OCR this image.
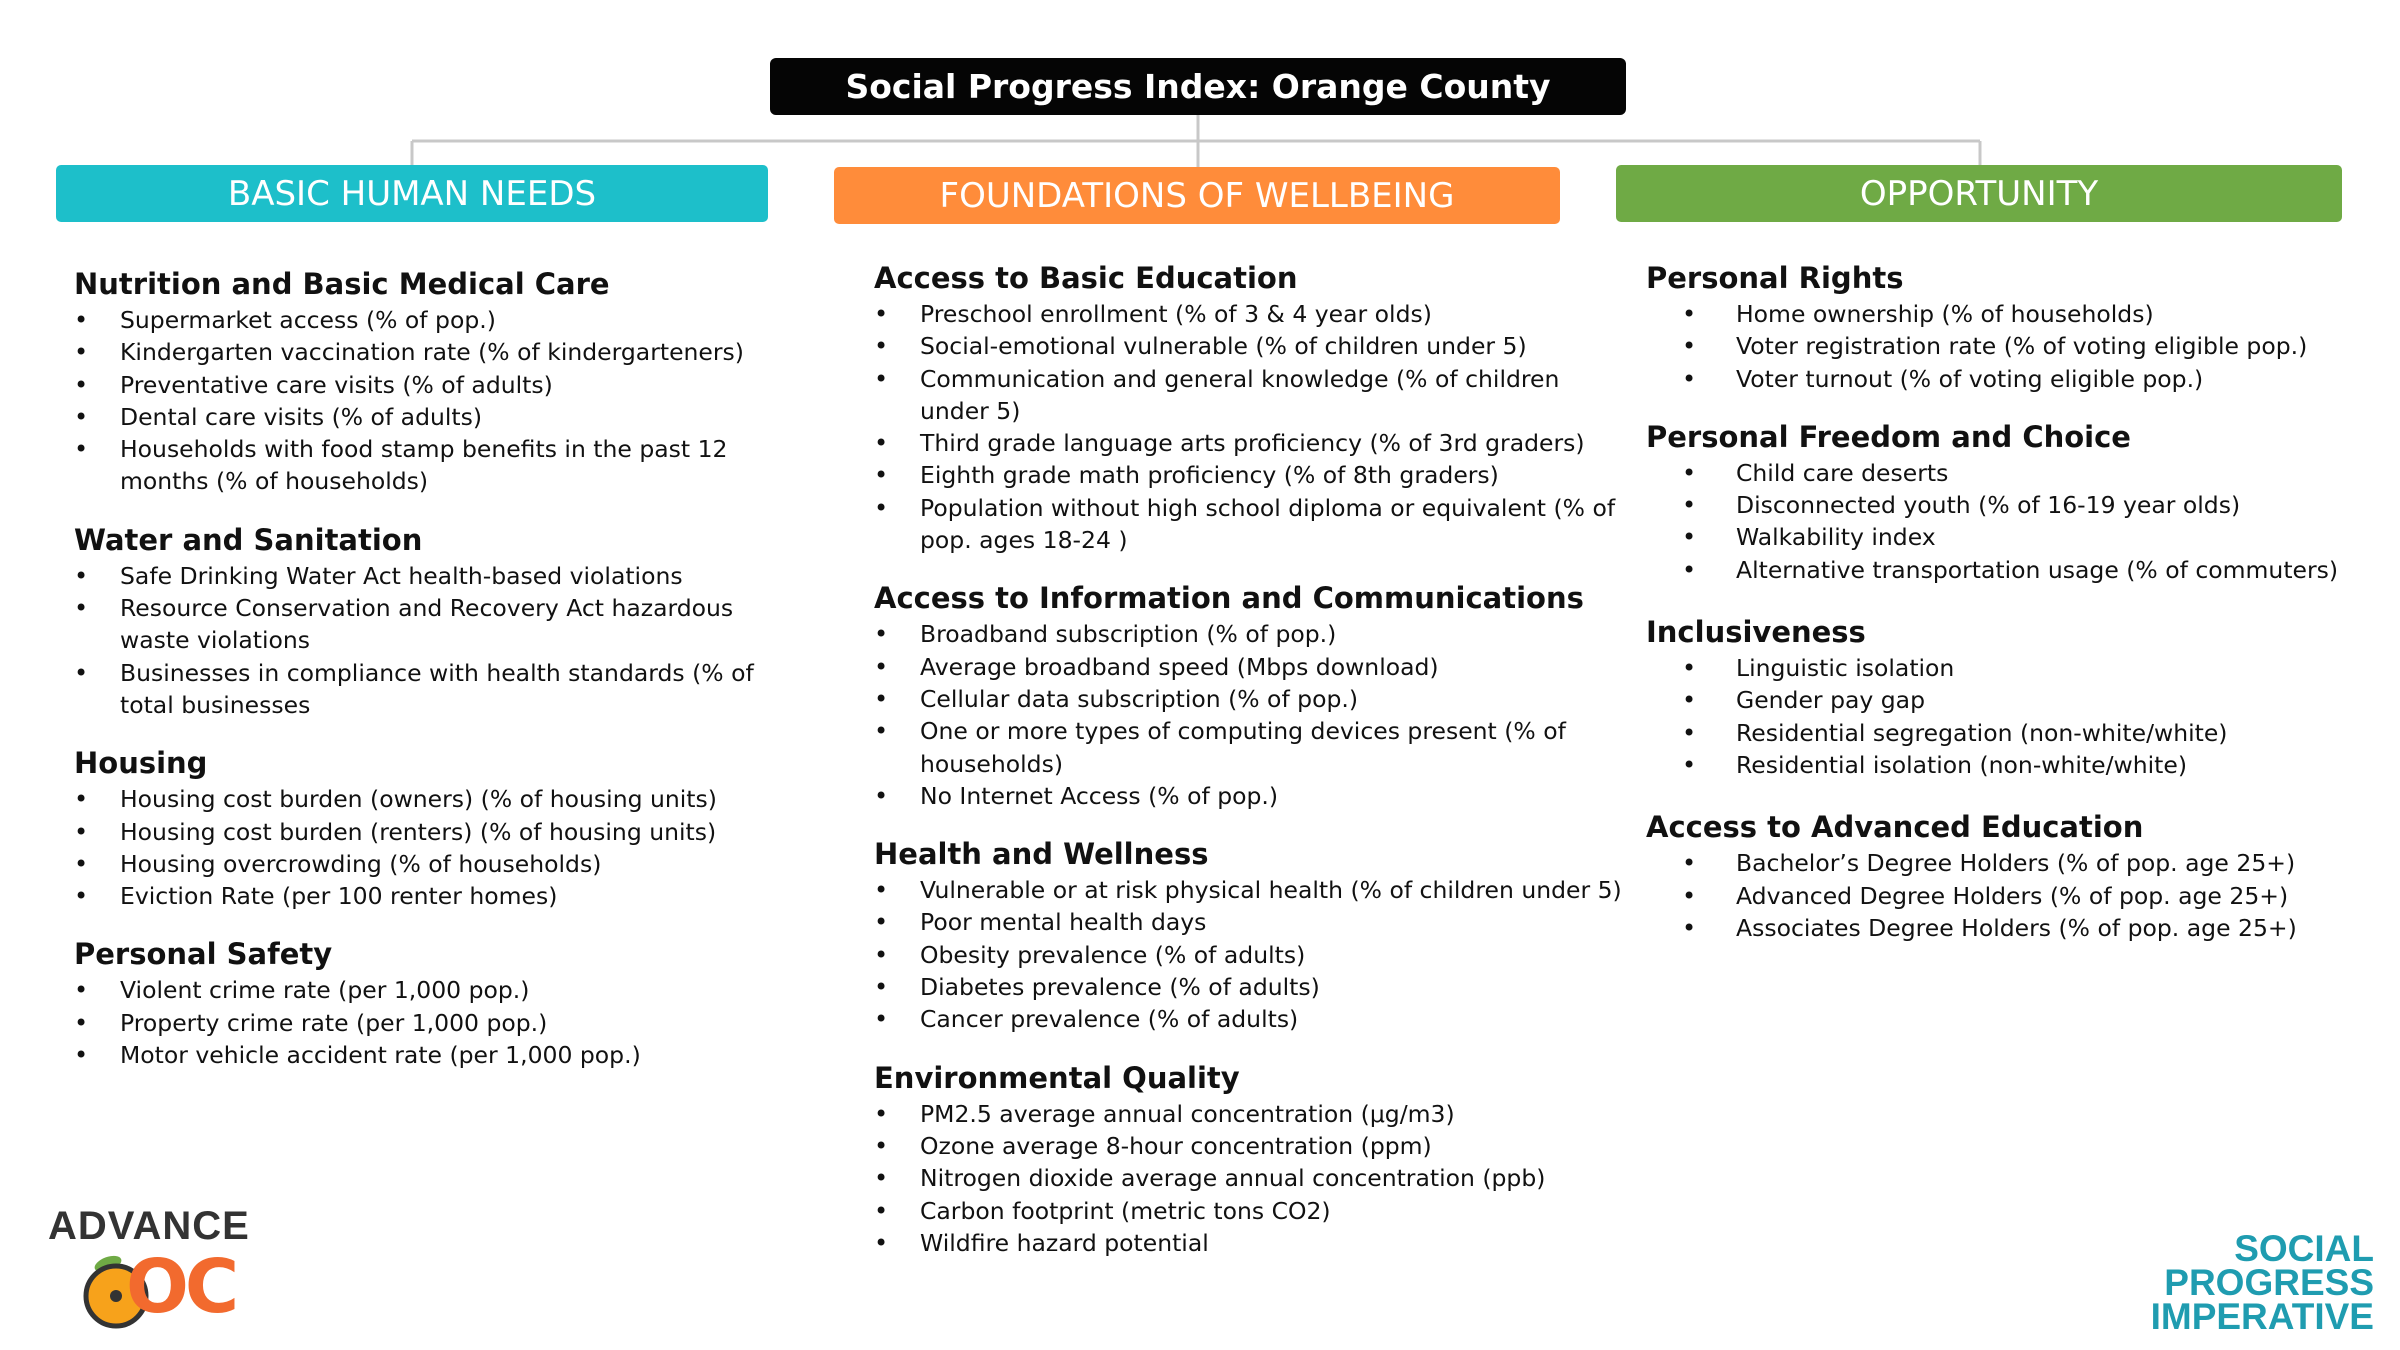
Social Progress Index: Orange County
BASIC HUMAN NEEDS	FOUNDATIONS OF WELLBEING	OPPORTUNITY
Nutrition and Basic Medical Care
• Supermarket access (% of pop.)
• Kindergarten vaccination rate (% of kindergarteners)
• Preventative care visits (% of adults)
• Dental care visits (% of adults)
• Households with food stamp benefits in the past 12 months (% of households)
Water and Sanitation
• Safe Drinking Water Act health-based violations
• Resource Conservation and Recovery Act hazardous waste violations
• Businesses in compliance with health standards (% of total businesses
Housing
• Housing cost burden (owners) (% of housing units)
• Housing cost burden (renters) (% of housing units)
• Housing overcrowding (% of households)
• Eviction Rate (per 100 renter homes)
Personal Safety
• Violent crime rate (per 1,000 pop.)
• Property crime rate (per 1,000 pop.)
• Motor vehicle accident rate (per 1,000 pop.)
Access to Basic Education
• Preschool enrollment (% of 3 & 4 year olds)
• Social-emotional vulnerable (% of children under 5)
• Communication and general knowledge (% of children under 5)
• Third grade language arts proficiency (% of 3rd graders)
• Eighth grade math proficiency (% of 8th graders)
• Population without high school diploma or equivalent (% of pop. ages 18-24 )
Access to Information and Communications
• Broadband subscription (% of pop.)
• Average broadband speed (Mbps download)
• Cellular data subscription (% of pop.)
• One or more types of computing devices present (% of households)
• No Internet Access (% of pop.)
Health and Wellness
• Vulnerable or at risk physical health (% of children under 5)
• Poor mental health days
• Obesity prevalence (% of adults)
• Diabetes prevalence (% of adults)
• Cancer prevalence (% of adults)
Environmental Quality
• PM2.5 average annual concentration (μg/m3)
• Ozone average 8-hour concentration (ppm)
• Nitrogen dioxide average annual concentration (ppb)
• Carbon footprint (metric tons CO2)
• Wildfire hazard potential
Personal Rights
• Home ownership (% of households)
• Voter registration rate (% of voting eligible pop.)
• Voter turnout (% of voting eligible pop.)
Personal Freedom and Choice
• Child care deserts
• Disconnected youth (% of 16-19 year olds)
• Walkability index
• Alternative transportation usage (% of commuters)
Inclusiveness
• Linguistic isolation
• Gender pay gap
• Residential segregation (non-white/white)
• Residential isolation (non-white/white)
Access to Advanced Education
• Bachelor’s Degree Holders (% of pop. age 25+)
• Advanced Degree Holders (% of pop. age 25+)
• Associates Degree Holders (% of pop. age 25+)
ADVANCE
OC	SOCIAL
PROGRESS
IMPERATIVE
